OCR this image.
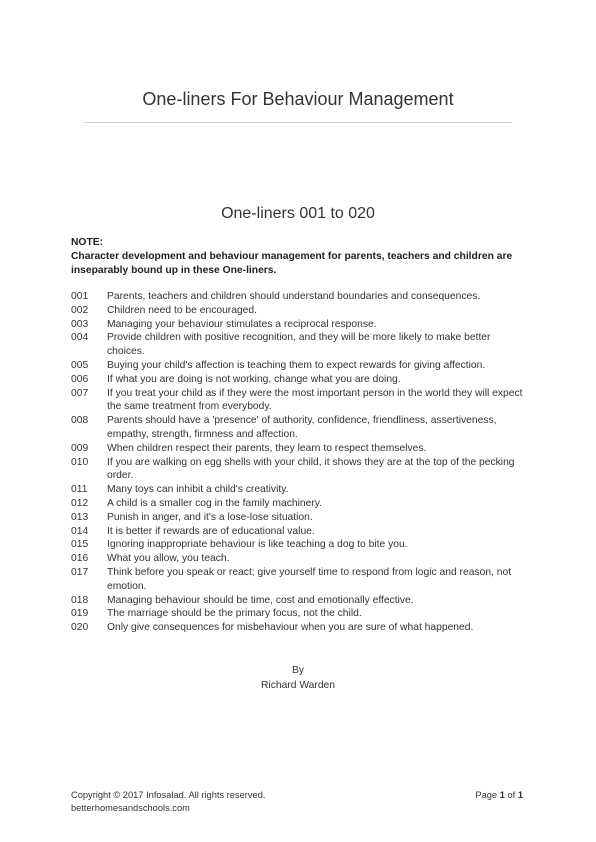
One-liners For Behaviour Management
One-liners 001 to 020
NOTE:
Character development and behaviour management for parents, teachers and children are inseparably bound up in these One-liners.
001	Parents, teachers and children should understand boundaries and consequences.
002	Children need to be encouraged.
003	Managing your behaviour stimulates a reciprocal response.
004	Provide children with positive recognition, and they will be more likely to make better choices.
005	Buying your child's affection is teaching them to expect rewards for giving affection.
006	If what you are doing is not working, change what you are doing.
007	If you treat your child as if they were the most important person in the world they will expect the same treatment from everybody.
008	Parents should have a 'presence' of authority, confidence, friendliness, assertiveness, empathy, strength, firmness and affection.
009	When children respect their parents, they learn to respect themselves.
010	If you are walking on egg shells with your child, it shows they are at the top of the pecking order.
011	Many toys can inhibit a child's creativity.
012	A child is a smaller cog in the family machinery.
013	Punish in anger, and it's a lose-lose situation.
014	It is better if rewards are of educational value.
015	Ignoring inappropriate behaviour is like teaching a dog to bite you.
016	What you allow, you teach.
017	Think before you speak or react; give yourself time to respond from logic and reason, not emotion.
018	Managing behaviour should be time, cost and emotionally effective.
019	The marriage should be the primary focus, not the child.
020	Only give consequences for misbehaviour when you are sure of what happened.
By
Richard Warden
Copyright © 2017 Infosalad. All rights reserved.
betterhomesandschools.com
Page 1 of 1
